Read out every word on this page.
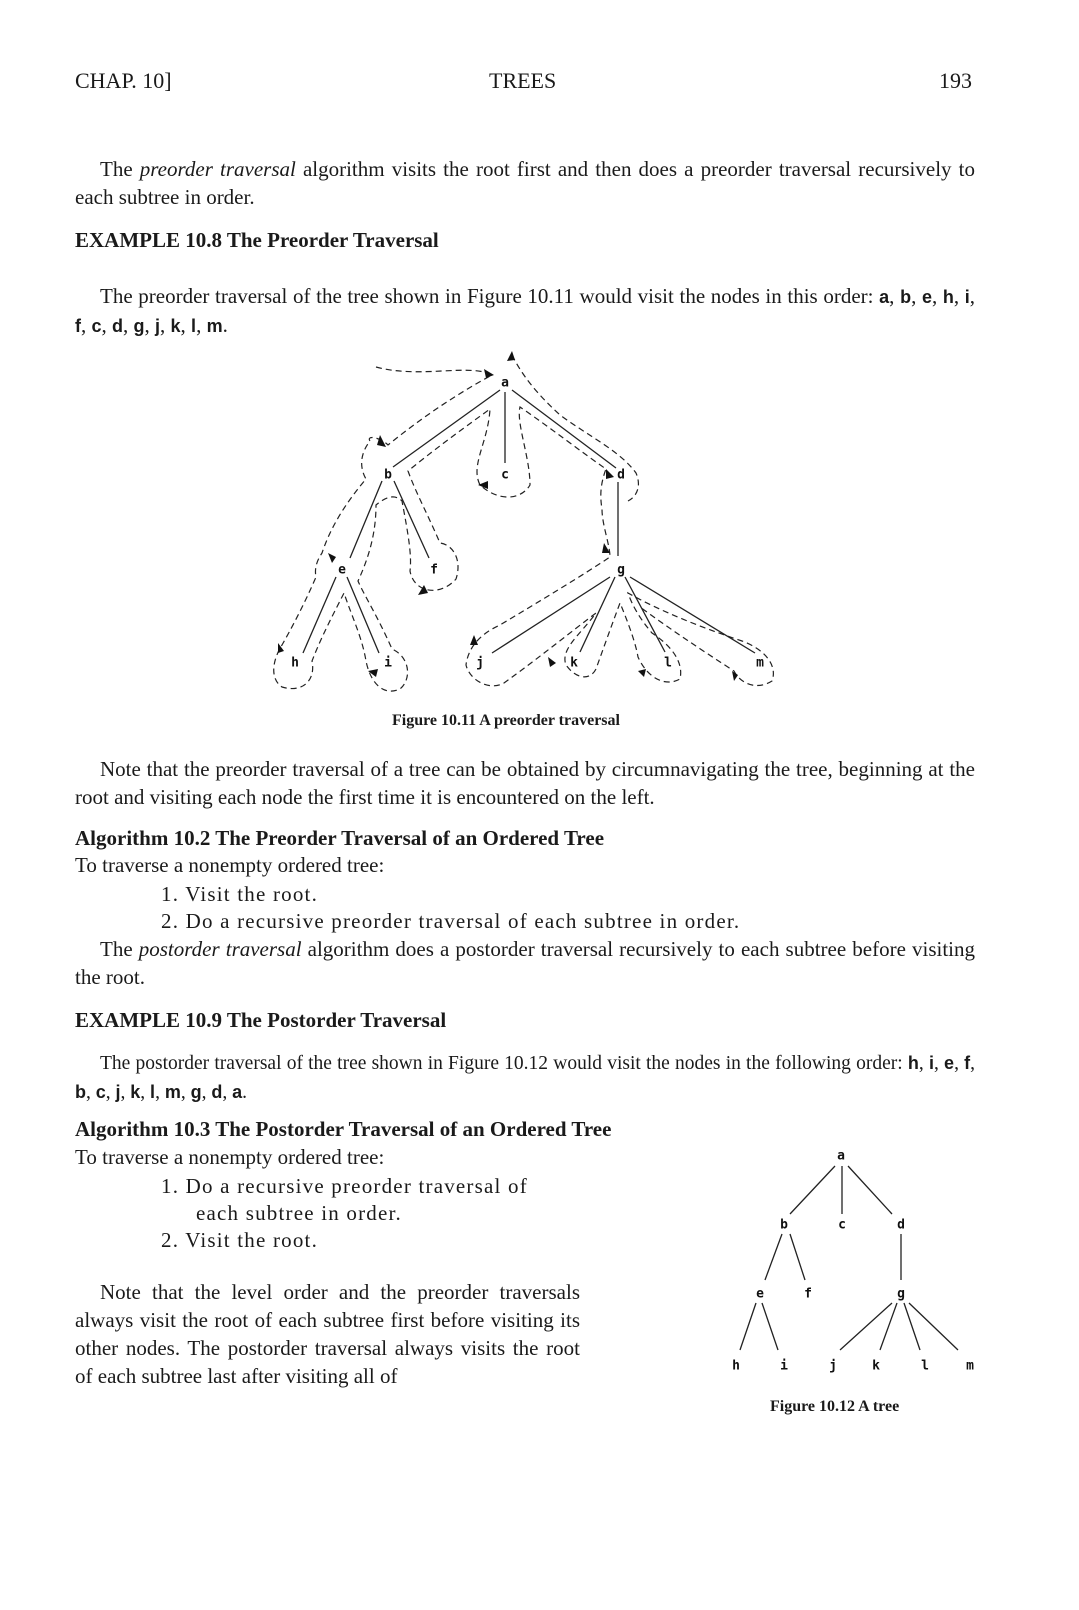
CHAP. 10]	TREES	193

The preorder traversal algorithm visits the root first and then does a preorder traversal recursively to each subtree in order.

EXAMPLE 10.8 The Preorder Traversal

The preorder traversal of the tree shown in Figure 10.11 would visit the nodes in this order: a, b, e, h, i, f, c, d, g, j, k, l, m.

a
b	c	d
e	f	g
h	i	j	k	l	m
Figure 10.11 A preorder traversal

Note that the preorder traversal of a tree can be obtained by circumnavigating the tree, beginning at the root and visiting each node the first time it is encountered on the left.

Algorithm 10.2 The Preorder Traversal of an Ordered Tree
To traverse a nonempty ordered tree:
1. Visit the root.
2. Do a recursive preorder traversal of each subtree in order.

The postorder traversal algorithm does a postorder traversal recursively to each subtree before visiting the root.

EXAMPLE 10.9 The Postorder Traversal

The postorder traversal of the tree shown in Figure 10.12 would visit the nodes in the following order: h, i, e, f, b, c, j, k, l, m, g, d, a.

Algorithm 10.3 The Postorder Traversal of an Ordered Tree
To traverse a nonempty ordered tree:
1. Do a recursive preorder traversal of
each subtree in order.
2. Visit the root.

Note that the level order and the preorder traversals always visit the root of each subtree first before visiting its other nodes. The postorder traversal always visits the root of each subtree last after visiting all of

a
b	c	d
e	f	g
h	i	j	k	l	m
Figure 10.12 A tree
